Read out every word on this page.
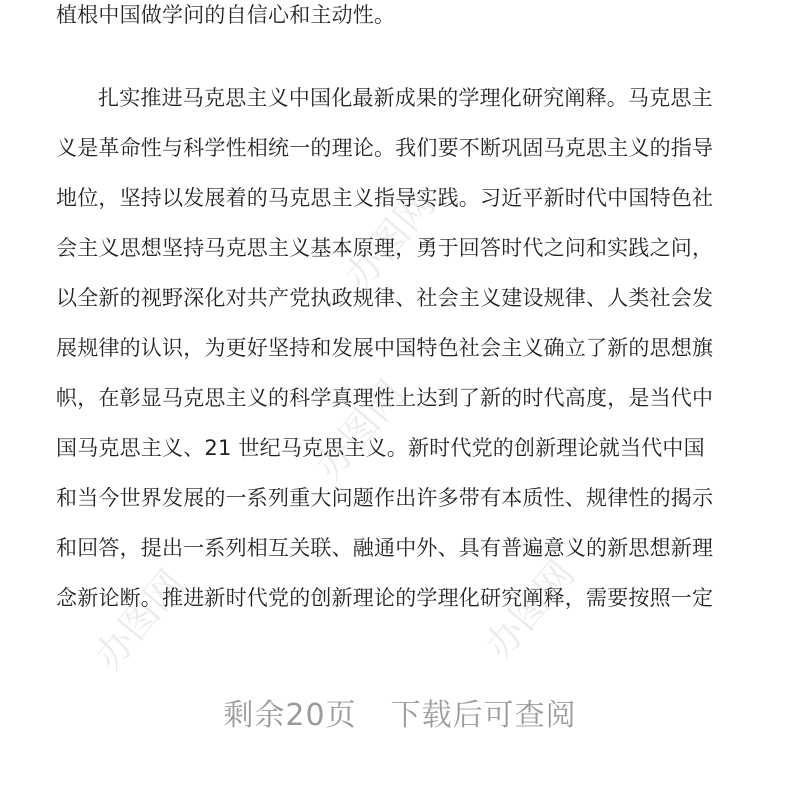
办图网
办图网
办图网
办图网
植根中国做学问的自信心和主动性。
扎实推进马克思主义中国化最新成果的学理化研究阐释。马克思主
义是革命性与科学性相统一的理论。我们要不断巩固马克思主义的指导
地位，坚持以发展着的马克思主义指导实践。习近平新时代中国特色社
会主义思想坚持马克思主义基本原理，勇于回答时代之问和实践之问，
以全新的视野深化对共产党执政规律、社会主义建设规律、人类社会发
展规律的认识，为更好坚持和发展中国特色社会主义确立了新的思想旗
帜，在彰显马克思主义的科学真理性上达到了新的时代高度，是当代中
国马克思主义、21 世纪马克思主义。新时代党的创新理论就当代中国
和当今世界发展的一系列重大问题作出许多带有本质性、规律性的揭示
和回答，提出一系列相互关联、融通中外、具有普遍意义的新思想新理
念新论断。推进新时代党的创新理论的学理化研究阐释，需要按照一定
剩余20页 下载后可查阅
